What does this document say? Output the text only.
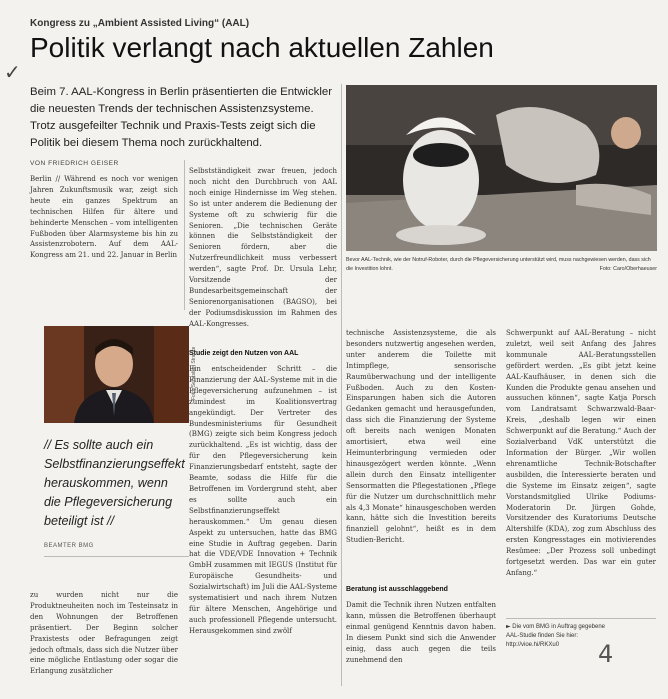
Kongress zu „Ambient Assisted Living“ (AAL)
Politik verlangt nach aktuellen Zahlen
✓
Beim 7. AAL-Kongress in Berlin präsentierten die Entwickler die neuesten Trends der technischen Assistenzsysteme. Trotz ausgefeilter Technik und Praxis-Tests zeigt sich die Politik bei diesem Thema noch zurückhaltend.
VON FRIEDRICH GEISER

Berlin // Während es noch vor wenigen Jahren Zukunftsmusik war, zeigt sich heute ein ganzes Spektrum an technischen Hilfen für ältere und behinderte Menschen – vom intelligenten Fußboden über Alarmsysteme bis hin zu Assistenzrobotern. Auf dem AAL-Kongress am 21. und 22. Januar in Berlin

Selbstständigkeit zwar freuen, jedoch noch nicht den Durchbruch von AAL noch einige Hindernisse im Weg stehen. So ist unter anderem die Bedienung der Systeme oft zu schwierig für die Senioren. „Die technischen Geräte können die Selbstständigkeit der Senioren fördern, aber die Nutzerfreundlichkeit muss verbessert werden“, sagte Prof. Dr. Ursula Lehr, Vorsitzende der Bundesarbeitsgemeinschaft der Seniorenorganisationen (BAGSO), bei der Podiumsdiskussion im Rahmen des AAL-Kongresses.

Studie zeigt den Nutzen von AAL

Ein entscheidender Schritt – die Finanzierung der AAL-Systeme mit in die Pflegeversicherung aufzunehmen – ist zumindest im Koalitionsvertrag angekündigt. Der Vertreter des Bundesministeriums für Gesundheit (BMG) zeigte sich beim Kongress jedoch zurückhaltend. „Es ist wichtig, dass der für den Pflegeversicherung kein Finanzierungsbedarf entsteht, sagte der Beamte, sodass die Hilfe für die Betroffenen im Vordergrund steht, aber es sollte auch ein Selbstfinanzierungseffekt herauskommen.“ Um genau diesen Aspekt zu untersuchen, hatte das BMG eine Studie in Auftrag gegeben. Darin hat die VDE/VDE Innovation + Technik GmbH zusammen mit IEGUS (Institut für Europäische Gesundheits- und Sozialwirtschaft) im Juli die AAL-Systeme systematisiert und nach ihrem Nutzen für ältere Menschen, Angehörige und auch professionell Pflegende untersucht. Herausgekommen sind zwölf

Foto: Sebastian Stracke
// Es sollte auch ein Selbstfinanzierungseffekt herauskommen, wenn die Pflegeversicherung beteiligt ist //
BEAMTER BMG

zu wurden nicht nur die Produktneuheiten noch im Testeinsatz in den Wohnungen der Betroffenen präsentiert. Der Beginn solcher Praxistests oder Befragungen zeigt jedoch oftmals, dass sich die Nutzer über eine mögliche Entlastung oder sogar die Erlangung zusätzlicher

Bevor AAL-Technik, wie der Notruf-Roboter, durch die Pflegeversicherung unterstützt wird, muss nachgewiesen werden, dass sich die Investition lohnt.	Foto: Caro/Oberhaeuser

technische Assistenzsysteme, die als besonders nutzwertig angesehen werden, unter anderem die Toilette mit Intimpflege, sensorische Raumüberwachung und der intelligente Fußboden. Auch zu den Kosten-Einsparungen haben sich die Autoren Gedanken gemacht und herausgefunden, dass sich die Finanzierung der Systeme oft bereits nach wenigen Monaten amortisiert, etwa weil eine Heimunterbringung vermieden oder hinausgezögert werden könnte. „Wenn allein durch den Einsatz intelligenter Sensormatten die Pflegestationen „Pflege für die Nutzer um durchschnittlich mehr als 4,3 Monate“ hinausgeschoben werden kann, hätte sich die Investition bereits finanziell gelohnt“, heißt es in dem Studien-Bericht.

Beratung ist ausschlaggebend

Damit die Technik ihren Nutzen entfalten kann, müssen die Betroffenen überhaupt einmal genügend Kenntnis davon haben. In diesem Punkt sind sich die Anwender einig, dass auch gegen die teils zunehmend den

Schwerpunkt auf AAL-Beratung – nicht zuletzt, weil seit Anfang des Jahres kommunale AAL-Beratungsstellen gefördert werden. „Es gibt jetzt keine AAL-Kaufhäuser, in denen sich die Kunden die Produkte genau ansehen und aussuchen können“, sagte Katja Porsch vom Landratsamt Schwarzwald-Baar-Kreis, „deshalb legen wir einen Schwerpunkt auf die Beratung.“ Auch der Sozialverband VdK unterstützt die Information der Bürger. „Wir wollen ehrenamtliche Technik-Botschafter ausbilden, die Interessierte beraten und die Systeme im Einsatz zeigen“, sagte Vorstandsmitglied Ulrike Podiums-Moderatorin Dr. Jürgen Gohde, Vorsitzender des Kuratoriums Deutsche Altershilfe (KDA), zog zum Abschluss des ersten Kongresstages ein motivierendes Resümee: „Der Prozess soll unbedingt fortgesetzt werden. Das war ein guter Anfang.“

► Die vom BMG in Auftrag gegebene AAL-Studie finden Sie hier: http://vioe.hi/RKXu0	4
